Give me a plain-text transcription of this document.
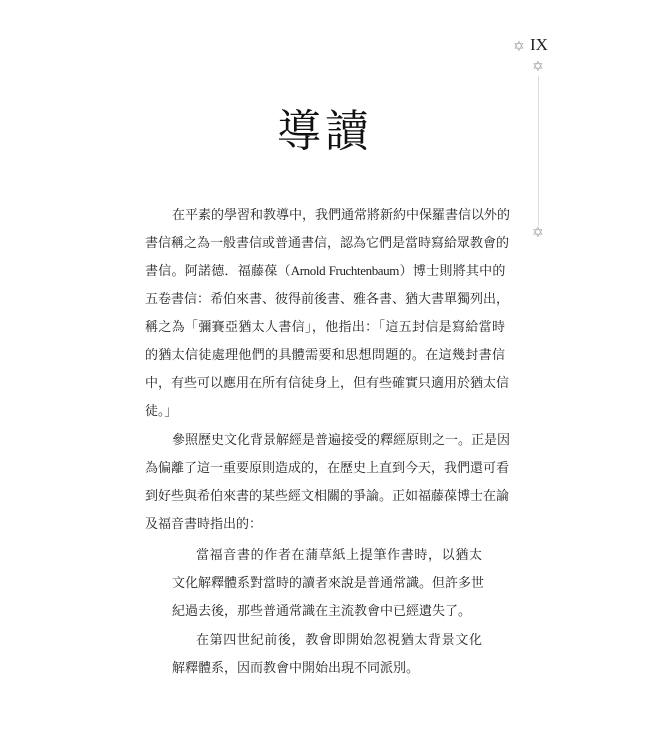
導讀
✡ IX
✡
✡
在平素的學習和教導中，我們通常將新約中保羅書信以外的
書信稱之為一般書信或普通書信，認為它們是當時寫給眾教會的
書信。阿諾德．福藤葆（Arnold Fruchtenbaum）博士則將其中的
五卷書信：希伯來書、彼得前後書、雅各書、猶大書單獨列出，
稱之為「彌賽亞猶太人書信」，他指出：「這五封信是寫給當時
的猶太信徒處理他們的具體需要和思想問題的。在這幾封書信
中，有些可以應用在所有信徒身上，但有些確實只適用於猶太信
徒。」
參照歷史文化背景解經是普遍接受的釋經原則之一。正是因
為偏離了這一重要原則造成的，在歷史上直到今天，我們還可看
到好些與希伯來書的某些經文相關的爭論。正如福藤葆博士在論
及福音書時指出的：
當福音書的作者在蒲草紙上提筆作書時，以猶太
文化解釋體系對當時的讀者來說是普通常識。但許多世
紀過去後，那些普通常識在主流教會中已經遺失了。
在第四世紀前後，教會即開始忽視猶太背景文化
解釋體系，因而教會中開始出現不同派別。
